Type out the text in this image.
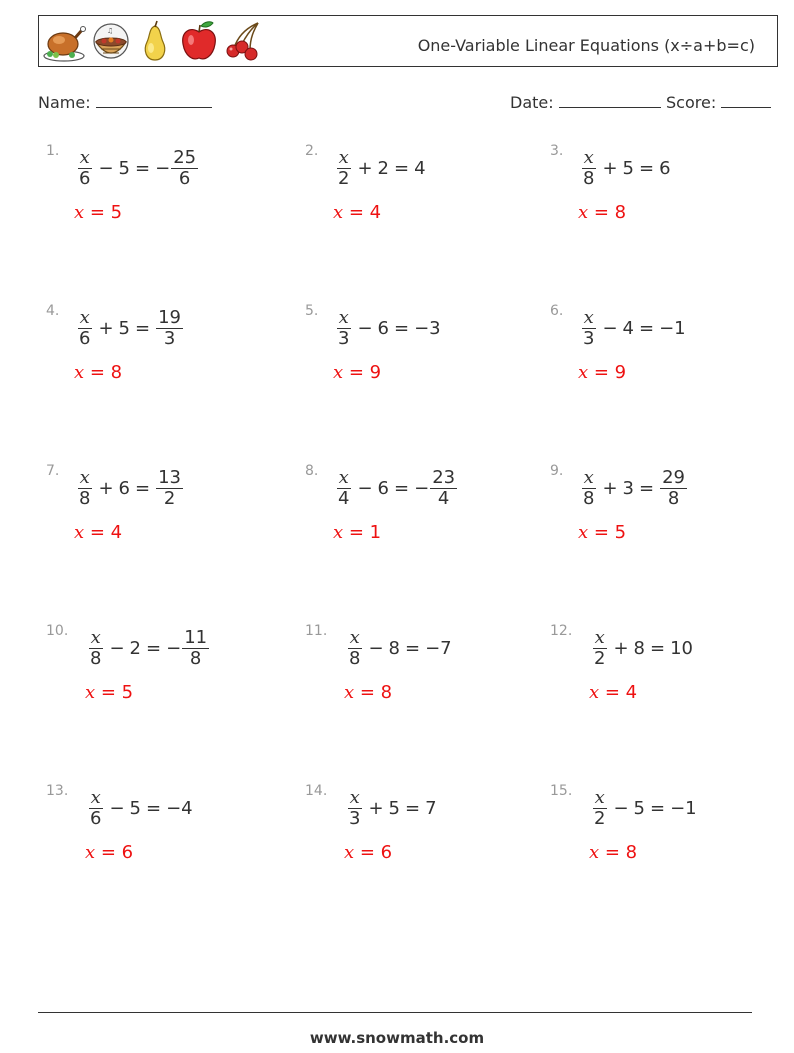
♫
One-Variable Linear Equations (x÷a+b=c)
Name:	Date:	Score:
1. $\frac{x}{6} - 5$ = − $\frac{25}{6}$
x = 5
2. $\frac{x}{2} + 2 = 4$
x = 4
3. $\frac{x}{8} + 5 = 6$
x = 8
4. $\frac{x}{6} + 5 = \frac{19}{3}$
x = 8
5. $\frac{x}{3} - 6 = -3$
x = 9
6. $\frac{x}{3} - 4 = -1$
x = 9
7. $\frac{x}{8} + 6 = \frac{13}{2}$
x = 4
8. $\frac{x}{4} - 6$ = − $\frac{23}{4}$
x = 1
9. $\frac{x}{8} + 3 = \frac{29}{8}$
x = 5
10. $\frac{x}{8} - 2$ = − $\frac{11}{8}$
x = 5
11. $\frac{x}{8} - 8 = -7$
x = 8
12. $\frac{x}{2} + 8 = 10$
x = 4
13. $\frac{x}{6} - 5 = -4$
x = 6
14. $\frac{x}{3} + 5 = 7$
x = 6
15. $\frac{x}{2} - 5 = -1$
x = 8
www.snowmath.com
